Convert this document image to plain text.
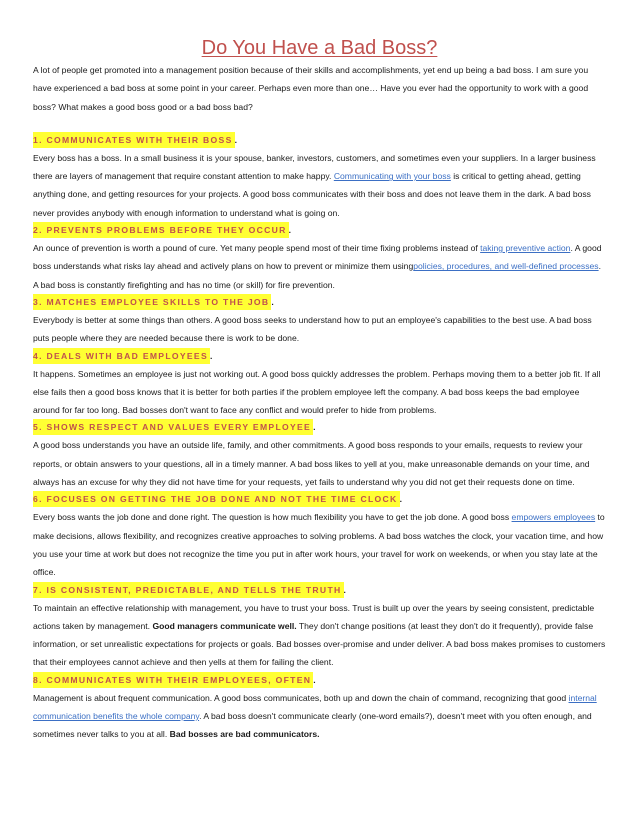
Do You Have a Bad Boss?

A lot of people get promoted into a management position because of their skills and accomplishments, yet end up being a bad boss. I am sure you have experienced a bad boss at some point in your career. Perhaps even more than one… Have you ever had the opportunity to work with a good boss? What makes a good boss good or a bad boss bad?

1. COMMUNICATES WITH THEIR BOSS .

Every boss has a boss. In a small business it is your spouse, banker, investors, customers, and sometimes even your suppliers. In a larger business there are layers of management that require constant attention to make happy. Communicating with your boss is critical to getting ahead, getting anything done, and getting resources for your projects. A good boss communicates with their boss and does not leave them in the dark. A bad boss never provides anybody with enough information to understand what is going on.

2. PREVENTS PROBLEMS BEFORE THEY OCCUR .

An ounce of prevention is worth a pound of cure. Yet many people spend most of their time fixing problems instead of taking preventive action. A good boss understands what risks lay ahead and actively plans on how to prevent or minimize them usingpolicies, procedures, and well-defined processes. A bad boss is constantly firefighting and has no time (or skill) for fire prevention.

3. MATCHES EMPLOYEE SKILLS TO THE JOB .

Everybody is better at some things than others. A good boss seeks to understand how to put an employee's capabilities to the best use. A bad boss puts people where they are needed because there is work to be done.

4. DEALS WITH BAD EMPLOYEES .

It happens. Sometimes an employee is just not working out. A good boss quickly addresses the problem. Perhaps moving them to a better job fit. If all else fails then a good boss knows that it is better for both parties if the problem employee left the company. A bad boss keeps the bad employee around for far too long. Bad bosses don't want to face any conflict and would prefer to hide from problems.

5. SHOWS RESPECT AND VALUES EVERY EMPLOYEE .

A good boss understands you have an outside life, family, and other commitments. A good boss responds to your emails, requests to review your reports, or obtain answers to your questions, all in a timely manner. A bad boss likes to yell at you, make unreasonable demands on your time, and always has an excuse for why they did not have time for your requests, yet fails to understand why you did not get their requests done on time.

6. FOCUSES ON GETTING THE JOB DONE AND NOT THE TIME CLOCK .

Every boss wants the job done and done right. The question is how much flexibility you have to get the job done. A good boss empowers employees to make decisions, allows flexibility, and recognizes creative approaches to solving problems. A bad boss watches the clock, your vacation time, and how you use your time at work but does not recognize the time you put in after work hours, your travel for work on weekends, or when you stay late at the office.

7. IS CONSISTENT, PREDICTABLE, AND TELLS THE TRUTH .

To maintain an effective relationship with management, you have to trust your boss. Trust is built up over the years by seeing consistent, predictable actions taken by management. Good managers communicate well. They don't change positions (at least they don't do it frequently), provide false information, or set unrealistic expectations for projects or goals. Bad bosses over-promise and under deliver. A bad boss makes promises to customers that their employees cannot achieve and then yells at them for failing the client.

8. COMMUNICATES WITH THEIR EMPLOYEES, OFTEN .

Management is about frequent communication. A good boss communicates, both up and down the chain of command, recognizing that good internal communication benefits the whole company. A bad boss doesn't communicate clearly (one-word emails?), doesn't meet with you often enough, and sometimes never talks to you at all. Bad bosses are bad communicators.
